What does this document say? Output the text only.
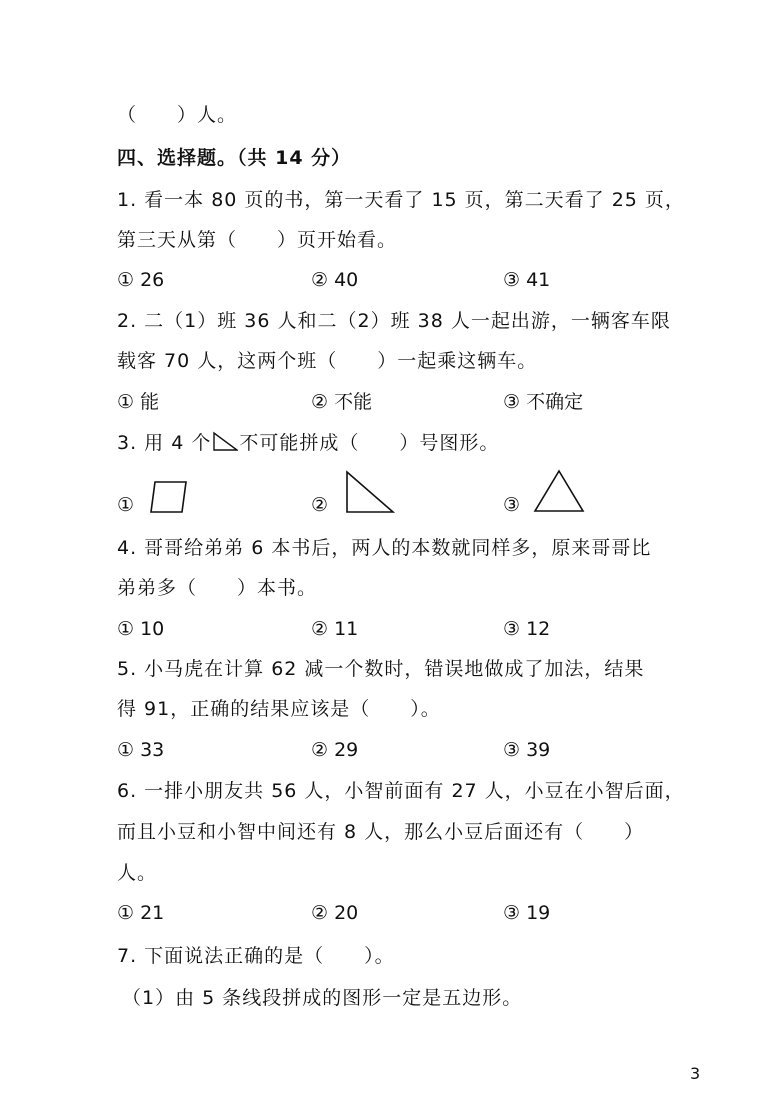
（　　）人。
四、选择题。（共 14 分）
1. 看一本 80 页的书，第一天看了 15 页，第二天看了 25 页，
第三天从第（　　）页开始看。
① 26	② 40	③ 41
2. 二（1）班 36 人和二（2）班 38 人一起出游，一辆客车限
载客 70 人，这两个班（　　）一起乘这辆车。
① 能	② 不能	③ 不确定
3. 用 4 个 不可能拼成（　　）号图形。
①	②	③
4. 哥哥给弟弟 6 本书后，两人的本数就同样多，原来哥哥比
弟弟多（　　）本书。
① 10	② 11	③ 12
5. 小马虎在计算 62 减一个数时，错误地做成了加法，结果
得 91，正确的结果应该是（　　）。
① 33	② 29	③ 39
6. 一排小朋友共 56 人，小智前面有 27 人，小豆在小智后面，
而且小豆和小智中间还有 8 人，那么小豆后面还有（　　）
人。
① 21	② 20	③ 19
7. 下面说法正确的是（　　）。
（1）由 5 条线段拼成的图形一定是五边形。
3
